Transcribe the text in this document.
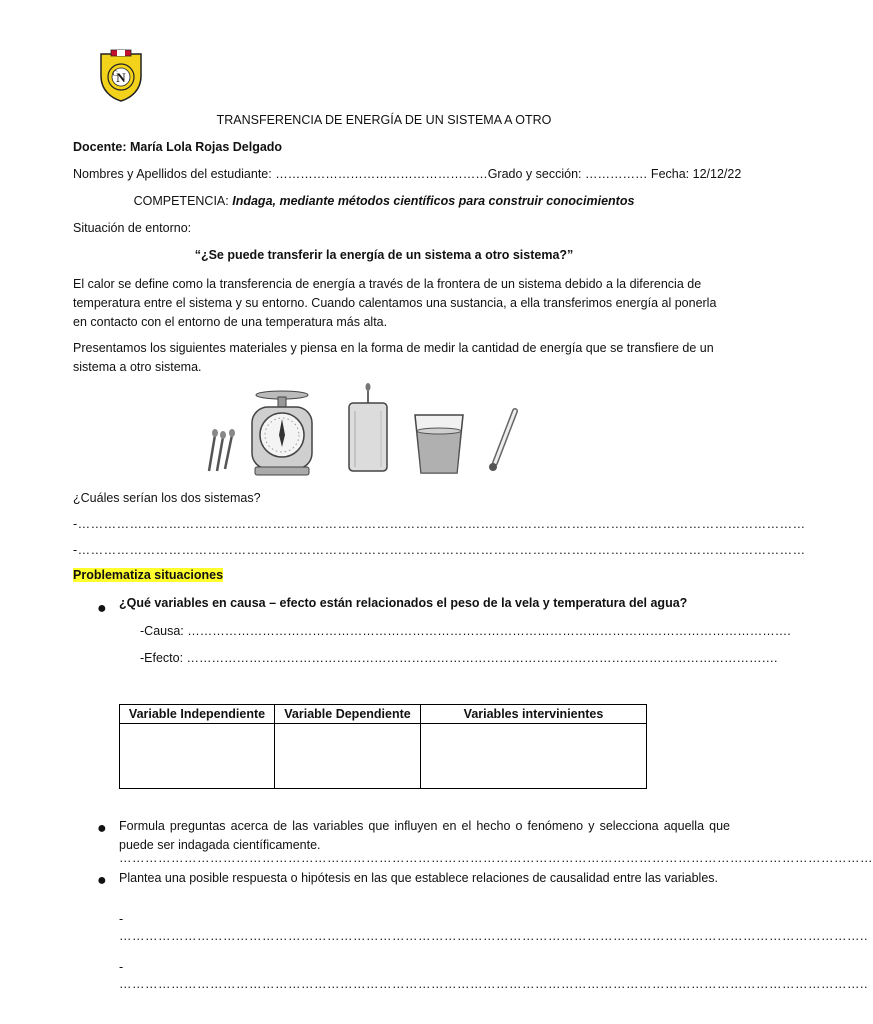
N
C
TRANSFERENCIA DE ENERGÍA DE UN SISTEMA A OTRO
Docente: María Lola Rojas Delgado
Nombres y Apellidos del estudiante: ……………………………………………Grado y sección: …………… Fecha: 12/12/22
COMPETENCIA: Indaga, mediante métodos científicos para construir conocimientos
Situación de entorno:
“¿Se puede transferir la energía de un sistema a otro sistema?”
El calor se define como la transferencia de energía a través de la frontera de un sistema debido a la diferencia de temperatura entre el sistema y su entorno. Cuando calentamos una sustancia, a ella transferimos energía al ponerla en contacto con el entorno de una temperatura más alta.
Presentamos los siguientes materiales y piensa en la forma de medir la cantidad de energía que se transfiere de un sistema a otro sistema.
¿Cuáles serían los dos sistemas?
-……………………………………………………………………………………………………………………………………………………
-……………………………………………………………………………………………………………………………………………………
Problematiza situaciones
● ¿Qué variables en causa – efecto están relacionados el peso de la vela y temperatura del agua?
-Causa: ……………………………………………………………………………………………………………………………….
-Efecto: …………………………………………………………………………………………………………………………….
Variable Independiente	Variable Dependiente	Variables intervinientes

● Formula preguntas acerca de las variables que influyen en el hecho o fenómeno y selecciona aquella que puede ser indagada científicamente.
…………………………………………………………………………………………………………………………………………………………
● Plantea una posible respuesta o hipótesis en las que establece relaciones de causalidad entre las variables.
-
………………………………………………………………………………………………………………………………………………………..
-
………………………………………………………………………………………………………………………………………………………..
